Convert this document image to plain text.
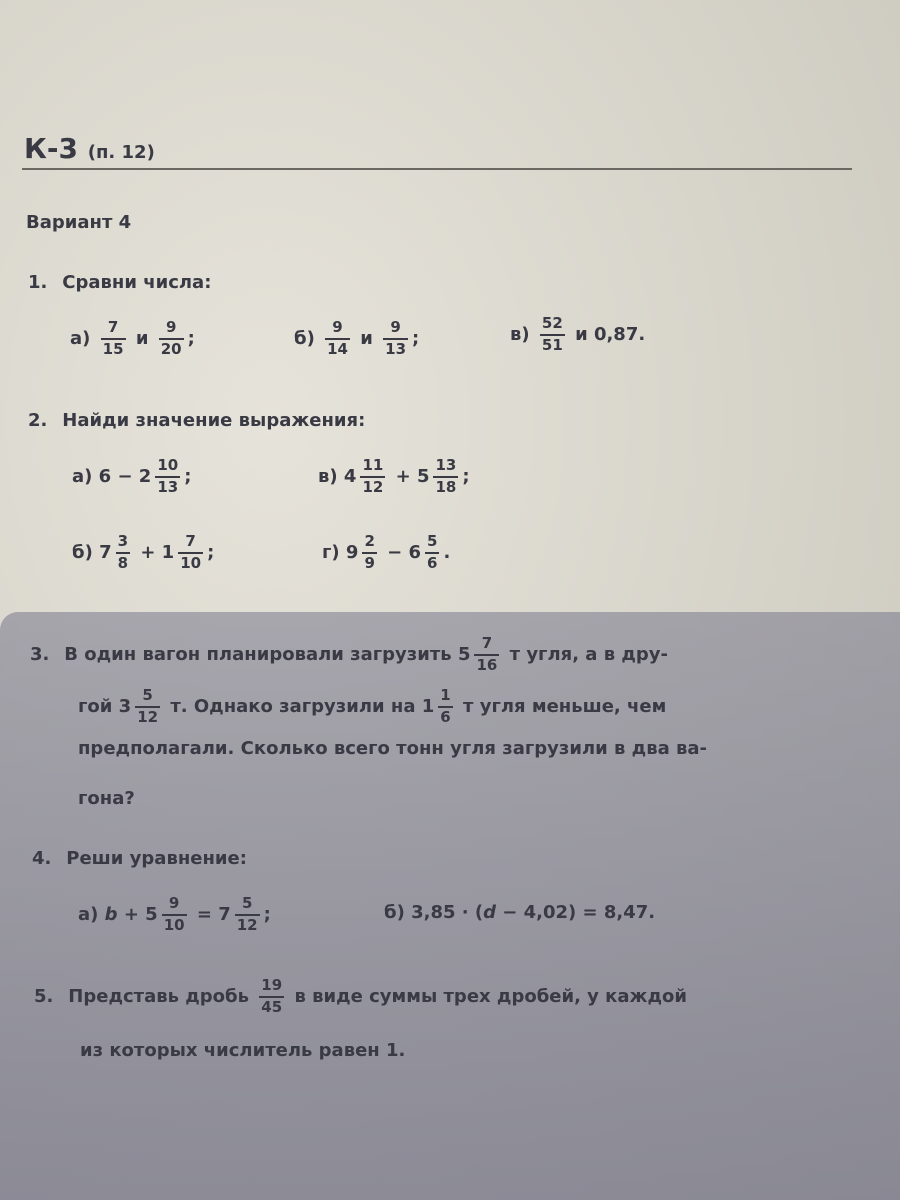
К-3 (п. 12)
Вариант 4
1. Сравни числа:
$а) \frac{7}{15}$ и $\frac{9}{20}$ ;	$б) \frac{9}{14}$ и $\frac{9}{13}$ ;	$в) \frac{52}{51}$ и 0,87.
2. Найди значение выражения:
а) $6 - 2 \frac{10}{13}$ ;	в) $4 \frac{11}{12} + 5 \frac{13}{18}$ ;
б) $7 \frac{3}{8} + 1 \frac{7}{10}$ ;	г) $9 \frac{2}{9} - 6 \frac{5}{6}$ .
3. В один вагон планировали загрузить $5 \frac{7}{16}$ т угля, а в дру-
гой $3 \frac{5}{12} т$. Однако загрузили на $1 \frac{1}{6}$ т угля меньше, чем
предполагали. Сколько всего тонн угля загрузили в два ва-
гона?
4. Реши уравнение:
а) $b + 5 \frac{9}{10} = 7 \frac{5}{12}$ ;	б) 3,85 · (d − 4,02) = 8,47.
5. Представь дробь $\frac{19}{45}$ в виде суммы трех дробей, у каждой
из которых числитель равен 1.
